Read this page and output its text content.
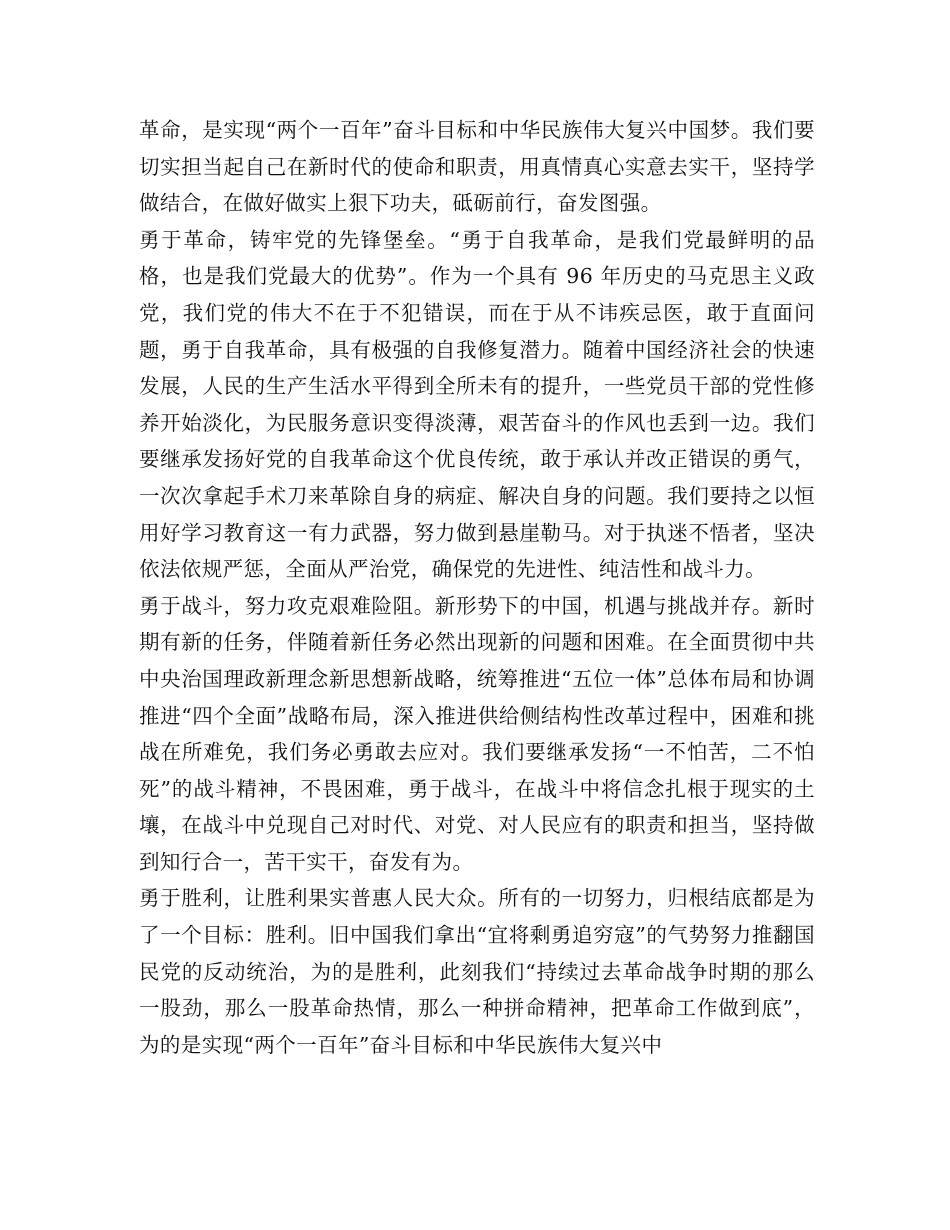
革命，是实现“两个一百年”奋斗目标和中华民族伟大复兴中国梦。我们要切实担当起自己在新时代的使命和职责，用真情真心实意去实干，坚持学做结合，在做好做实上狠下功夫，砥砺前行，奋发图强。

勇于革命，铸牢党的先锋堡垒。“勇于自我革命，是我们党最鲜明的品格，也是我们党最大的优势”。作为一个具有 96 年历史的马克思主义政党，我们党的伟大不在于不犯错误，而在于从不讳疾忌医，敢于直面问题，勇于自我革命，具有极强的自我修复潜力。随着中国经济社会的快速发展，人民的生产生活水平得到全所未有的提升，一些党员干部的党性修养开始淡化，为民服务意识变得淡薄，艰苦奋斗的作风也丢到一边。我们要继承发扬好党的自我革命这个优良传统，敢于承认并改正错误的勇气，一次次拿起手术刀来革除自身的病症、解决自身的问题。我们要持之以恒用好学习教育这一有力武器，努力做到悬崖勒马。对于执迷不悟者，坚决依法依规严惩，全面从严治党，确保党的先进性、纯洁性和战斗力。

勇于战斗，努力攻克艰难险阻。新形势下的中国，机遇与挑战并存。新时期有新的任务，伴随着新任务必然出现新的问题和困难。在全面贯彻中共中央治国理政新理念新思想新战略，统筹推进“五位一体”总体布局和协调推进“四个全面”战略布局，深入推进供给侧结构性改革过程中，困难和挑战在所难免，我们务必勇敢去应对。我们要继承发扬“一不怕苦，二不怕死”的战斗精神，不畏困难，勇于战斗，在战斗中将信念扎根于现实的土壤，在战斗中兑现自己对时代、对党、对人民应有的职责和担当，坚持做到知行合一，苦干实干，奋发有为。

勇于胜利，让胜利果实普惠人民大众。所有的一切努力，归根结底都是为了一个目标：胜利。旧中国我们拿出“宜将剩勇追穷寇”的气势努力推翻国民党的反动统治，为的是胜利，此刻我们“持续过去革命战争时期的那么一股劲，那么一股革命热情，那么一种拼命精神，把革命工作做到底”，为的是实现“两个一百年”奋斗目标和中华民族伟大复兴中
